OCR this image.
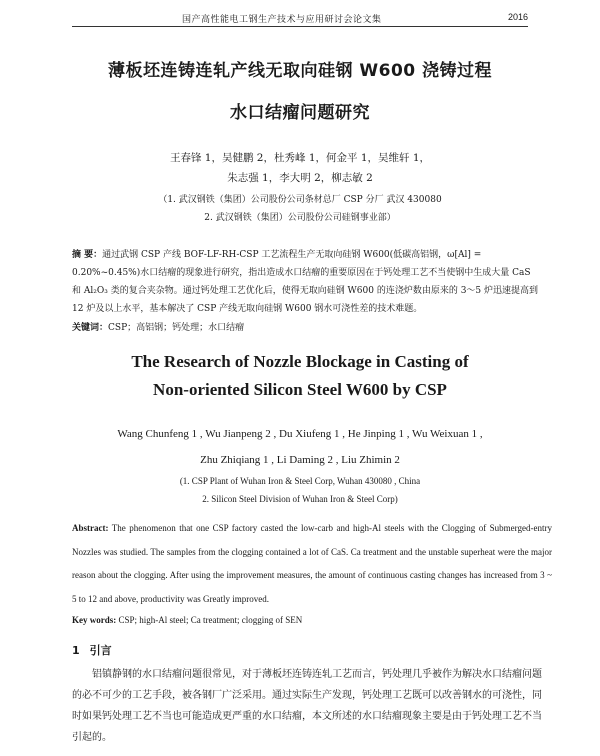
国产高性能电工钢生产技术与应用研讨会论文集	2016
薄板坯连铸连轧产线无取向硅钢 W600 浇铸过程
水口结瘤问题研究
王春锋 1，吴健鹏 2，杜秀峰 1，何金平 1，吴维轩 1，
朱志强 1，李大明 2，柳志敏 2
（1. 武汉钢铁（集团）公司股份公司条材总厂 CSP 分厂 武汉 430080
2. 武汉钢铁（集团）公司股份公司硅钢事业部）
摘 要：通过武钢 CSP 产线 BOF-LF-RH-CSP 工艺流程生产无取向硅钢 W600(低碳高铝钢，ω[Al] = 0.20%~0.45%)水口结瘤的现象进行研究，指出造成水口结瘤的重要原因在于钙处理工艺不当使钢中生成大量 CaS 和 Al₂O₃ 类的复合夹杂物。通过钙处理工艺优化后，使得无取向硅钢 W600 的连浇炉数由原来的 3～5 炉迅速提高到 12 炉及以上水平，基本解决了 CSP 产线无取向硅钢 W600 钢水可浇性差的技术难题。
关键词：CSP；高铝钢；钙处理；水口结瘤
The Research of Nozzle Blockage in Casting of
Non-oriented Silicon Steel W600 by CSP
Wang Chunfeng 1 , Wu Jianpeng 2 , Du Xiufeng 1 , He Jinping 1 , Wu Weixuan 1 ,
Zhu Zhiqiang 1 , Li Daming 2 , Liu Zhimin 2
(1. CSP Plant of Wuhan Iron & Steel Corp, Wuhan 430080 , China
2. Silicon Steel Division of Wuhan Iron & Steel Corp)
Abstract: The phenomenon that one CSP factory casted the low-carb and high-Al steels with the Clogging of Submerged-entry Nozzles was studied. The samples from the clogging contained a lot of CaS. Ca treatment and the unstable superheat were the major reason about the clogging. After using the improvement measures, the amount of continuous casting changes has increased from 3 ~ 5 to 12 and above, productivity was Greatly improved.
Key words: CSP; high-Al steel; Ca treatment; clogging of SEN
1 引言
铝镇静钢的水口结瘤问题很常见，对于薄板坯连铸连轧工艺而言，钙处理几乎被作为解决水口结瘤问题的必不可少的工艺手段，被各钢厂广泛采用。通过实际生产发现，钙处理工艺既可以改善钢水的可浇性，同时如果钙处理工艺不当也可能造成更严重的水口结瘤，本文所述的水口结瘤现象主要是由于钙处理工艺不当引起的。
